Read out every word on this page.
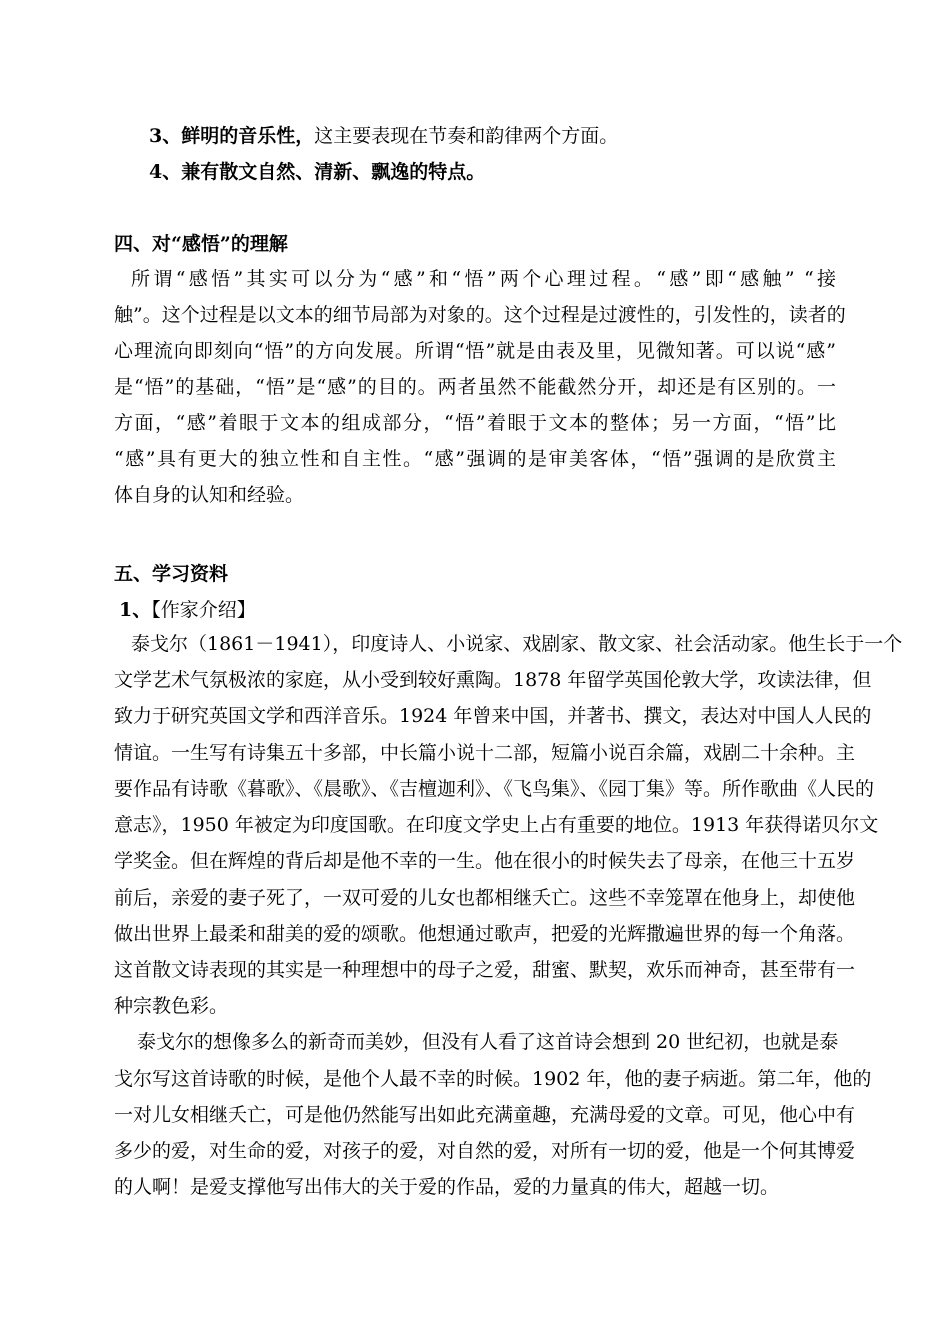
3、鲜明的音乐性，这主要表现在节奏和韵律两个方面。
4、兼有散文自然、清新、飘逸的特点。
四、对“感悟”的理解
所谓“感悟”其实可以分为“感”和“悟”两个心理过程。“感”即“感触” “接
触”。这个过程是以文本的细节局部为对象的。这个过程是过渡性的，引发性的，读者的
心理流向即刻向“悟”的方向发展。所谓“悟”就是由表及里，见微知著。可以说“感”
是“悟”的基础，“悟”是“感”的目的。两者虽然不能截然分开，却还是有区别的。一
方面，“感”着眼于文本的组成部分，“悟”着眼于文本的整体；另一方面，“悟”比
“感”具有更大的独立性和自主性。“感”强调的是审美客体，“悟”强调的是欣赏主
体自身的认知和经验。
五、学习资料
1、【作家介绍】
泰戈尔（1861－1941），印度诗人、小说家、戏剧家、散文家、社会活动家。他生长于一个
文学艺术气氛极浓的家庭，从小受到较好熏陶。1878 年留学英国伦敦大学，攻读法律，但
致力于研究英国文学和西洋音乐。1924 年曾来中国，并著书、撰文，表达对中国人人民的
情谊。一生写有诗集五十多部，中长篇小说十二部，短篇小说百余篇，戏剧二十余种。主
要作品有诗歌《暮歌》、《晨歌》、《吉檀迦利》、《飞鸟集》、《园丁集》等。所作歌曲《人民的
意志》，1950 年被定为印度国歌。在印度文学史上占有重要的地位。1913 年获得诺贝尔文
学奖金。但在辉煌的背后却是他不幸的一生。他在很小的时候失去了母亲，在他三十五岁
前后，亲爱的妻子死了，一双可爱的儿女也都相继夭亡。这些不幸笼罩在他身上，却使他
做出世界上最柔和甜美的爱的颂歌。他想通过歌声，把爱的光辉撒遍世界的每一个角落。
这首散文诗表现的其实是一种理想中的母子之爱，甜蜜、默契，欢乐而神奇，甚至带有一
种宗教色彩。
泰戈尔的想像多么的新奇而美妙，但没有人看了这首诗会想到 20 世纪初，也就是泰
戈尔写这首诗歌的时候，是他个人最不幸的时候。1902 年，他的妻子病逝。第二年，他的
一对儿女相继夭亡，可是他仍然能写出如此充满童趣，充满母爱的文章。可见，他心中有
多少的爱，对生命的爱，对孩子的爱，对自然的爱，对所有一切的爱，他是一个何其博爱
的人啊！是爱支撑他写出伟大的关于爱的作品，爱的力量真的伟大，超越一切。
